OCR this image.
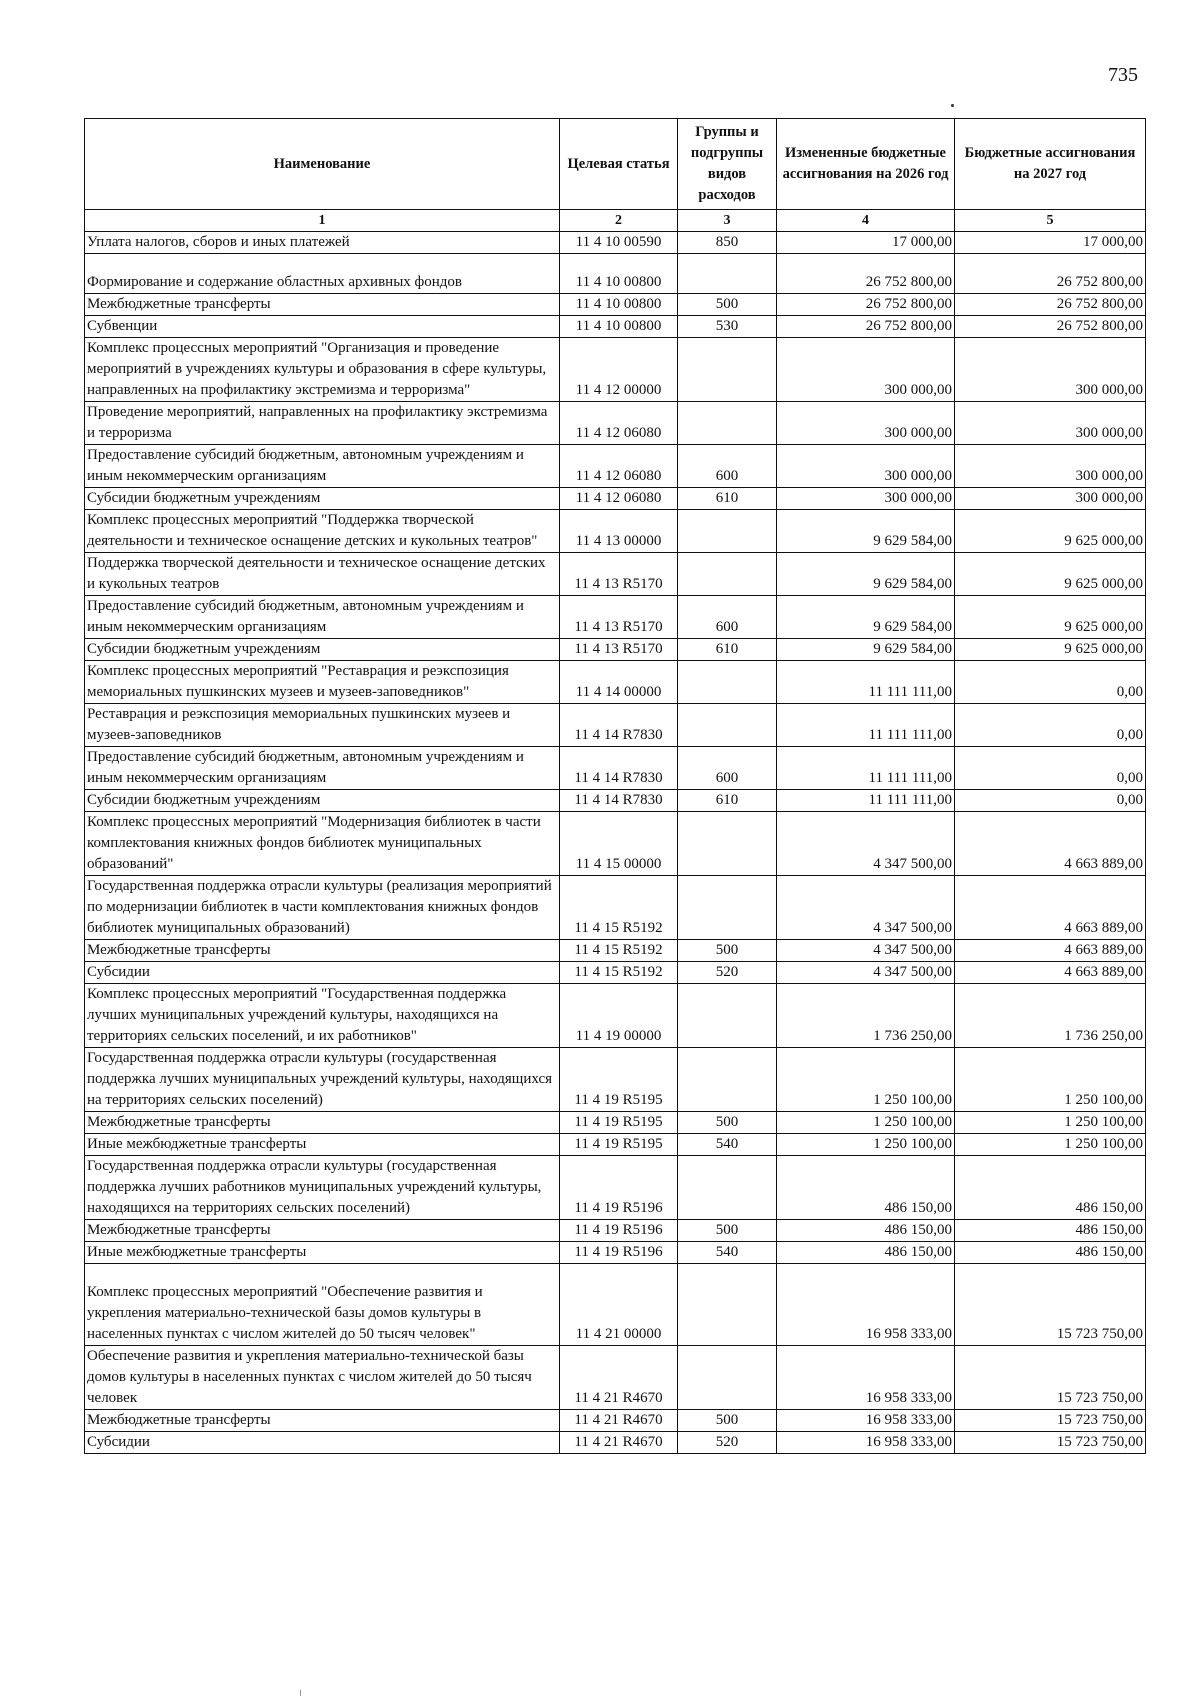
735
Наименование	Целевая статья	Группы и подгруппы видов расходов	Измененные бюджетные ассигнования на 2026 год	Бюджетные ассигнования на 2027 год
1	2	3	4	5
Уплата налогов, сборов и иных платежей	11 4 10 00590	850	17 000,00	17 000,00
Формирование и содержание областных архивных фондов	11 4 10 00800		26 752 800,00	26 752 800,00
Межбюджетные трансферты	11 4 10 00800	500	26 752 800,00	26 752 800,00
Субвенции	11 4 10 00800	530	26 752 800,00	26 752 800,00
Комплекс процессных мероприятий "Организация и проведение мероприятий в учреждениях культуры и образования в сфере культуры, направленных на профилактику экстремизма и терроризма"	11 4 12 00000		300 000,00	300 000,00
Проведение мероприятий, направленных на профилактику экстремизма и терроризма	11 4 12 06080		300 000,00	300 000,00
Предоставление субсидий бюджетным, автономным учреждениям и иным некоммерческим организациям	11 4 12 06080	600	300 000,00	300 000,00
Субсидии бюджетным учреждениям	11 4 12 06080	610	300 000,00	300 000,00
Комплекс процессных мероприятий "Поддержка творческой деятельности и техническое оснащение детских и кукольных театров"	11 4 13 00000		9 629 584,00	9 625 000,00
Поддержка творческой деятельности и техническое оснащение детских и кукольных театров	11 4 13 R5170		9 629 584,00	9 625 000,00
Предоставление субсидий бюджетным, автономным учреждениям и иным некоммерческим организациям	11 4 13 R5170	600	9 629 584,00	9 625 000,00
Субсидии бюджетным учреждениям	11 4 13 R5170	610	9 629 584,00	9 625 000,00
Комплекс процессных мероприятий "Реставрация и реэкспозиция мемориальных пушкинских музеев и музеев-заповедников"	11 4 14 00000		11 111 111,00	0,00
Реставрация и реэкспозиция мемориальных пушкинских музеев и музеев-заповедников	11 4 14 R7830		11 111 111,00	0,00
Предоставление субсидий бюджетным, автономным учреждениям и иным некоммерческим организациям	11 4 14 R7830	600	11 111 111,00	0,00
Субсидии бюджетным учреждениям	11 4 14 R7830	610	11 111 111,00	0,00
Комплекс процессных мероприятий "Модернизация библиотек в части комплектования книжных фондов библиотек муниципальных образований"	11 4 15 00000		4 347 500,00	4 663 889,00
Государственная поддержка отрасли культуры (реализация мероприятий по модернизации библиотек в части комплектования книжных фондов библиотек муниципальных образований)	11 4 15 R5192		4 347 500,00	4 663 889,00
Межбюджетные трансферты	11 4 15 R5192	500	4 347 500,00	4 663 889,00
Субсидии	11 4 15 R5192	520	4 347 500,00	4 663 889,00
Комплекс процессных мероприятий "Государственная поддержка лучших муниципальных учреждений культуры, находящихся на территориях сельских поселений, и их работников"	11 4 19 00000		1 736 250,00	1 736 250,00
Государственная поддержка отрасли культуры (государственная поддержка лучших муниципальных учреждений культуры, находящихся на территориях сельских поселений)	11 4 19 R5195		1 250 100,00	1 250 100,00
Межбюджетные трансферты	11 4 19 R5195	500	1 250 100,00	1 250 100,00
Иные межбюджетные трансферты	11 4 19 R5195	540	1 250 100,00	1 250 100,00
Государственная поддержка отрасли культуры (государственная поддержка лучших работников муниципальных учреждений культуры, находящихся на территориях сельских поселений)	11 4 19 R5196		486 150,00	486 150,00
Межбюджетные трансферты	11 4 19 R5196	500	486 150,00	486 150,00
Иные межбюджетные трансферты	11 4 19 R5196	540	486 150,00	486 150,00
Комплекс процессных мероприятий "Обеспечение развития и укрепления материально-технической базы домов культуры в населенных пунктах с числом жителей до 50 тысяч человек"	11 4 21 00000		16 958 333,00	15 723 750,00
Обеспечение развития и укрепления материально-технической базы домов культуры в населенных пунктах с числом жителей до 50 тысяч человек	11 4 21 R4670		16 958 333,00	15 723 750,00
Межбюджетные трансферты	11 4 21 R4670	500	16 958 333,00	15 723 750,00
Субсидии	11 4 21 R4670	520	16 958 333,00	15 723 750,00
